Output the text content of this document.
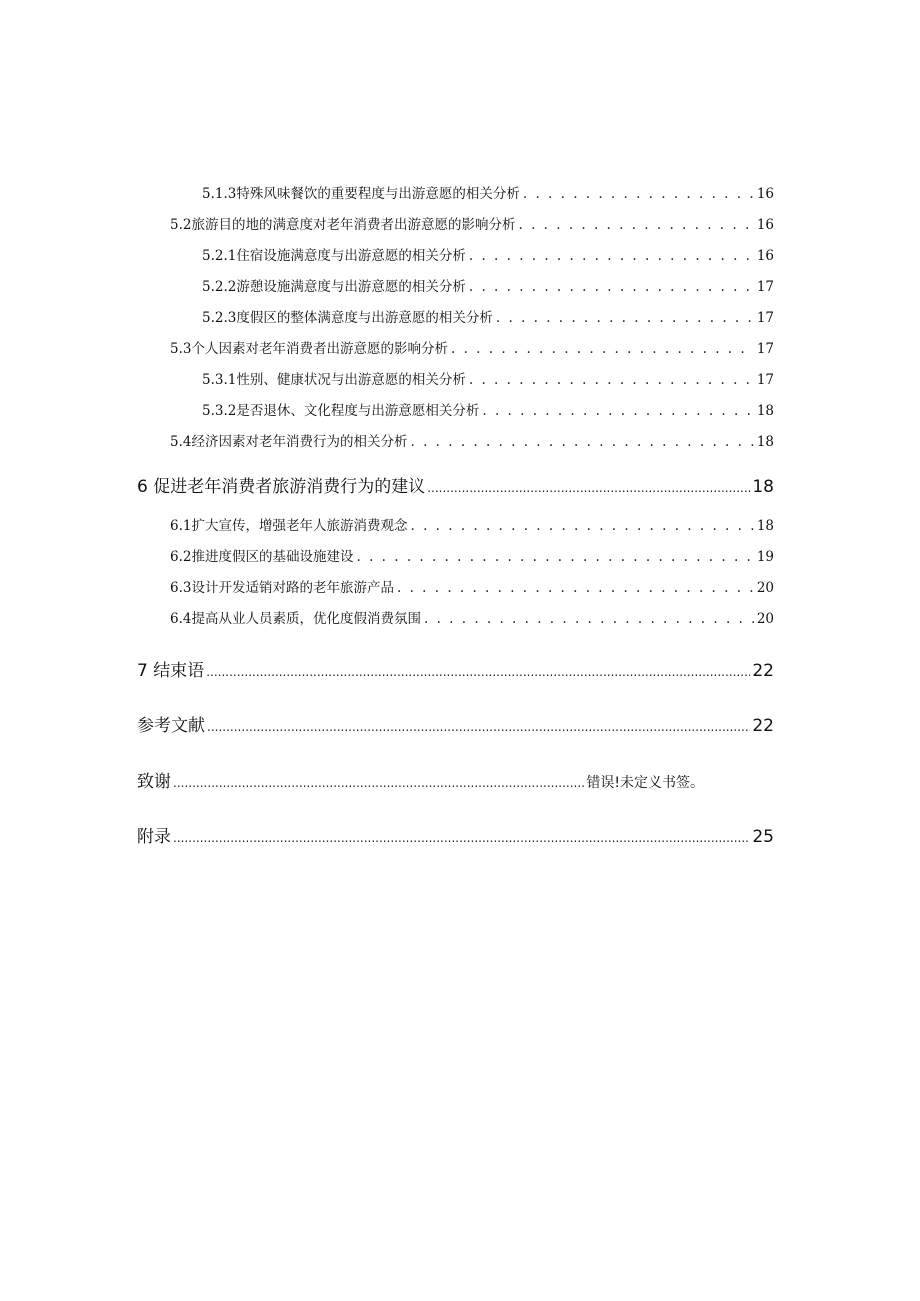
5.1.3 特殊风味餐饮的重要程度与出游意愿的相关分析 . . .	16
5.2 旅游目的地的满意度对老年消费者出游意愿的影响分析 . . .	16
5.2.1 住宿设施满意度与出游意愿的相关分析 . . .	16
5.2.2 游憩设施满意度与出游意愿的相关分析 . . .	17
5.2.3 度假区的整体满意度与出游意愿的相关分析 . . .	17
5.3 个人因素对老年消费者出游意愿的影响分析 . . .	17
5.3.1 性别、健康状况与出游意愿的相关分析 . . .	17
5.3.2 是否退休、文化程度与出游意愿相关分析 . . .	18
5.4 经济因素对老年消费行为的相关分析 . . .	18
6 促进老年消费者旅游消费行为的建议 .....	18
6.1 扩大宣传，增强老年人旅游消费观念 . . .	18
6.2 推进度假区的基础设施建设 . . .	19
6.3 设计开发适销对路的老年旅游产品 . . .	20
6.4 提高从业人员素质，优化度假消费氛围 . . .	20
7 结束语 .....	22
参考文献 .....	22
致谢 .....	错误!未定义书签。
附录 .....	25
